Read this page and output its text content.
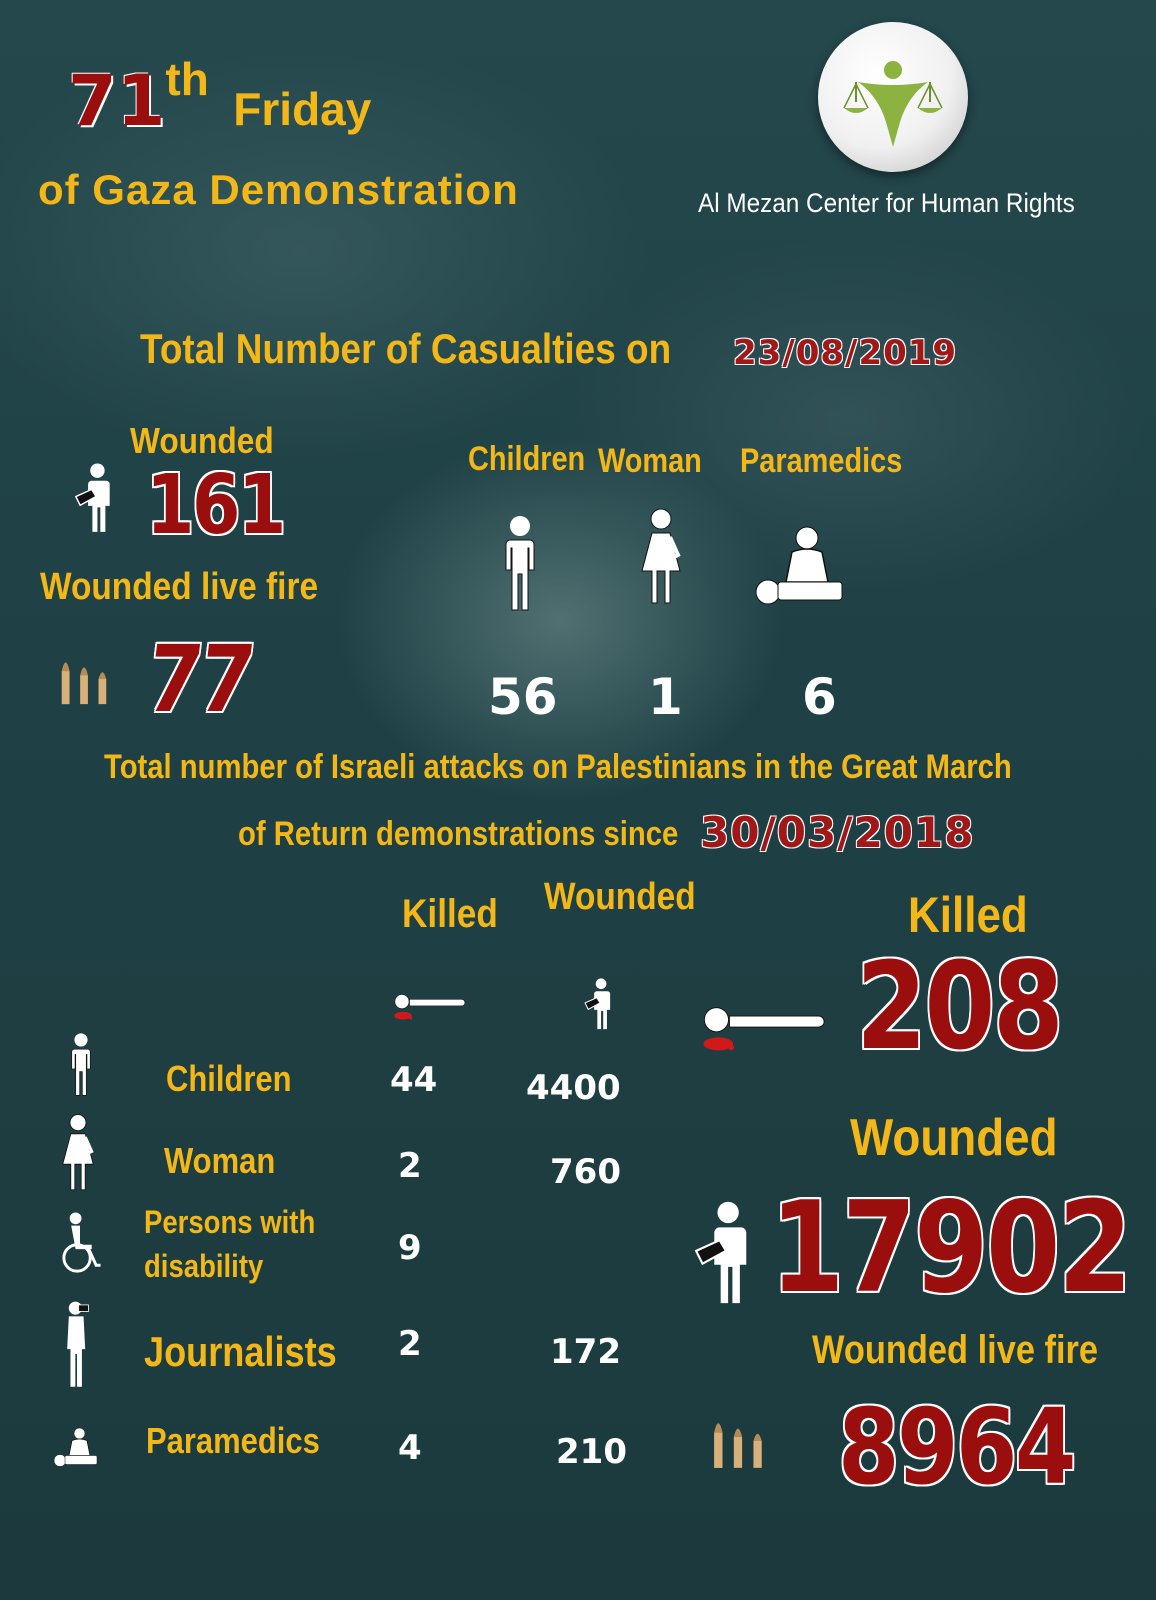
71th Friday
of Gaza Demonstration	Al Mezan Center for Human Rights
Total Number of Casualties on 23/08/2019
Wounded
161
Wounded live fire
77
Children Woman Paramedics
56 1 6
Total number of Israeli attacks on Palestinians in the Great March
of Return demonstrations since 30/03/2018
Killed Wounded
Children	44	4400
Woman	2	760
Persons with
disability	9
Journalists 2	172
Paramedics 4	210
Killed
208
Wounded
17902
Wounded live fire
8964
